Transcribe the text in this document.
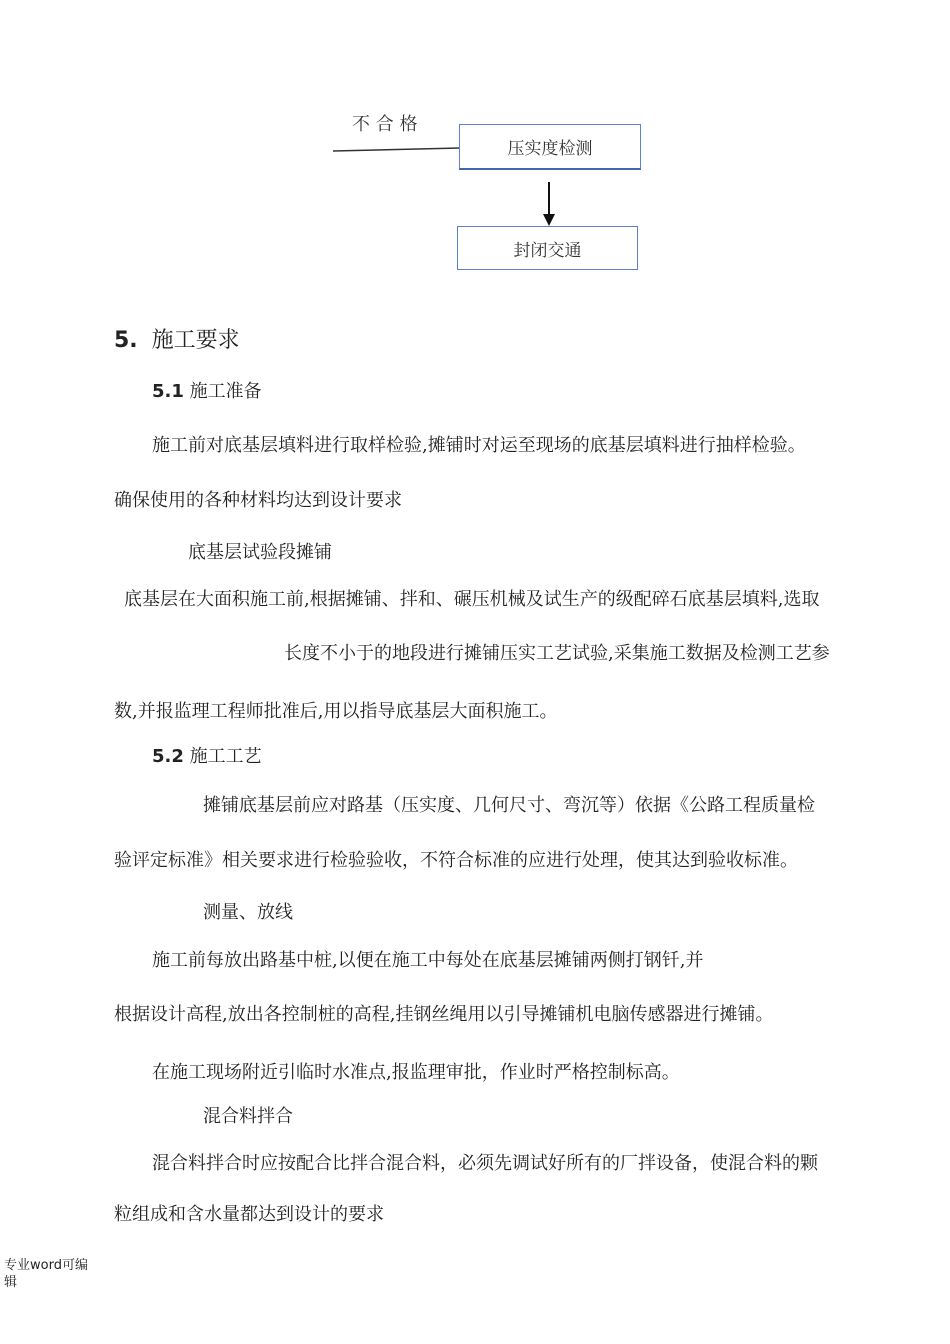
不 合 格
压实度检测
封闭交通
5. 施工要求
5.1 施工准备
施工前对底基层填料进行取样检验,摊铺时对运至现场的底基层填料进行抽样检验。
确保使用的各种材料均达到设计要求
底基层试验段摊铺
底基层在大面积施工前,根据摊铺、拌和、碾压机械及试生产的级配碎石底基层填料,选取
长度不小于的地段进行摊铺压实工艺试验,采集施工数据及检测工艺参
数,并报监理工程师批准后,用以指导底基层大面积施工。
5.2 施工工艺
摊铺底基层前应对路基（压实度、几何尺寸、弯沉等）依据《公路工程质量检
验评定标准》相关要求进行检验验收，不符合标准的应进行处理，使其达到验收标准。
测量、放线
施工前每放出路基中桩,以便在施工中每处在底基层摊铺两侧打钢钎,并
根据设计高程,放出各控制桩的高程,挂钢丝绳用以引导摊铺机电脑传感器进行摊铺。
在施工现场附近引临时水准点,报监理审批，作业时严格控制标高。
混合料拌合
混合料拌合时应按配合比拌合混合料，必须先调试好所有的厂拌设备，使混合料的颗
粒组成和含水量都达到设计的要求
专业word可编
辑
